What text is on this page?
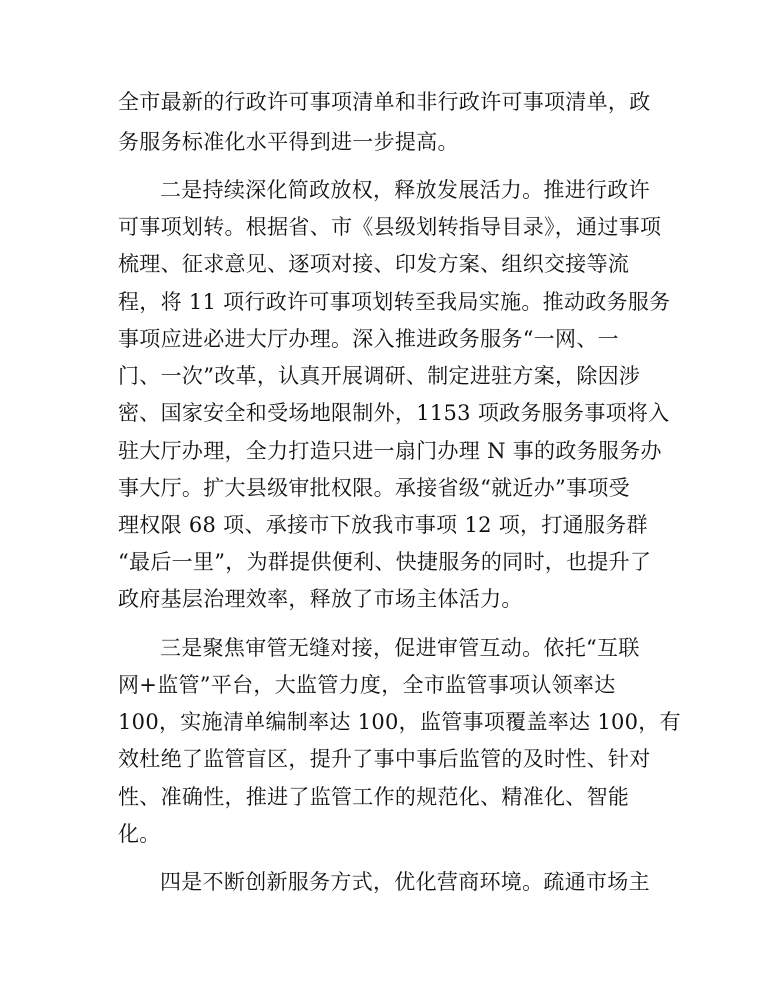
全市最新的行政许可事项清单和非行政许可事项清单，政

务服务标准化水平得到进一步提高。

二是持续深化简政放权，释放发展活力。推进行政许

可事项划转。根据省、市《县级划转指导目录》，通过事项

梳理、征求意见、逐项对接、印发方案、组织交接等流

程，将 11 项行政许可事项划转至我局实施。推动政务服务

事项应进必进大厅办理。深入推进政务服务“一网、一

门、一次”改革，认真开展调研、制定进驻方案，除因涉

密、国家安全和受场地限制外，1153 项政务服务事项将入

驻大厅办理，全力打造只进一扇门办理 N 事的政务服务办

事大厅。扩大县级审批权限。承接省级“就近办”事项受

理权限 68 项、承接市下放我市事项 12 项，打通服务群

“最后一里”，为群提供便利、快捷服务的同时，也提升了

政府基层治理效率，释放了市场主体活力。

三是聚焦审管无缝对接，促进审管互动。依托“互联

网+监管”平台，大监管力度，全市监管事项认领率达

100，实施清单编制率达 100，监管事项覆盖率达 100，有

效杜绝了监管盲区，提升了事中事后监管的及时性、针对

性、准确性，推进了监管工作的规范化、精准化、智能

化。

四是不断创新服务方式，优化营商环境。疏通市场主
